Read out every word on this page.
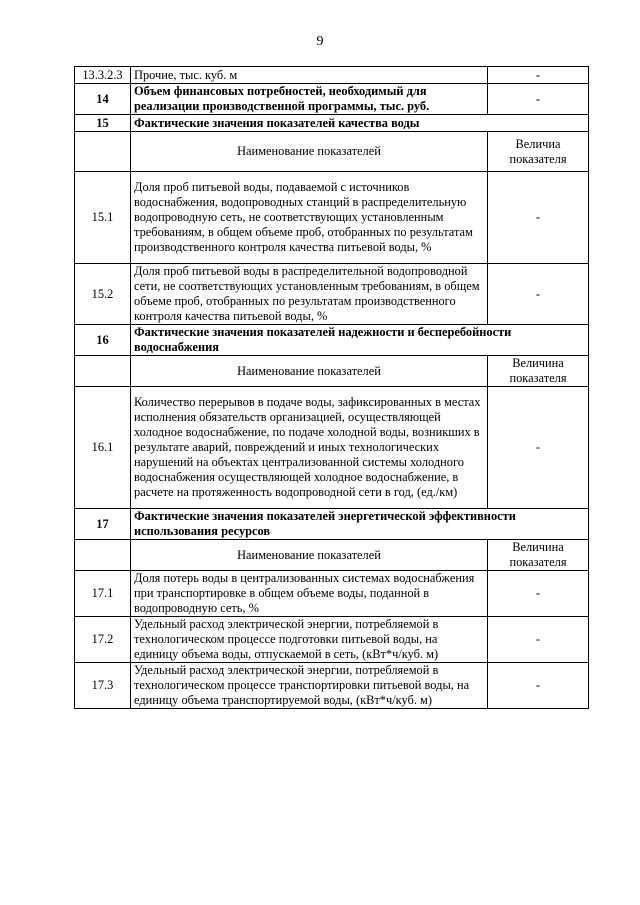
9
13.3.2.3	Прочие, тыс. куб. м	-
14	Объем финансовых потребностей, необходимый для реализации производственной программы, тыс. руб.	-
15	Фактические значения показателей качества воды	
	Наименование показателей	Величиа показателя
15.1	Доля проб питьевой воды, подаваемой с источников водоснабжения, водопроводных станций в распределительную водопроводную сеть, не соответствующих установленным требованиям, в общем объеме проб, отобранных по результатам производственного контроля качества питьевой воды, %	-
15.2	Доля проб питьевой воды в распределительной водопроводной сети, не соответствующих установленным требованиям, в общем объеме проб, отобранных по результатам производственного контроля качества питьевой воды, %	-
16	Фактические значения показателей надежности и бесперебойности водоснабжения	
	Наименование показателей	Величина показателя
16.1	Количество перерывов в подаче воды, зафиксированных в местах исполнения обязательств организацией, осуществляющей холодное водоснабжение, по подаче холодной воды, возникших в результате аварий, повреждений и иных технологических нарушений на объектах централизованной системы холодного водоснабжения осуществляющей холодное водоснабжение, в расчете на протяженность водопроводной сети в год, (ед./км)	-
17	Фактические значения показателей энергетической эффективности использования ресурсов	
	Наименование показателей	Величина показателя
17.1	Доля потерь воды в централизованных системах водоснабжения при транспортировке в общем объеме воды, поданной в водопроводную сеть, %	-
17.2	Удельный расход электрической энергии, потребляемой в технологическом процессе подготовки питьевой воды, на единицу объема воды, отпускаемой в сеть, (кВт*ч/куб. м)	-
17.3	Удельный расход электрической энергии, потребляемой в технологическом процессе транспортировки питьевой воды, на единицу объема транспортируемой воды, (кВт*ч/куб. м)	-
